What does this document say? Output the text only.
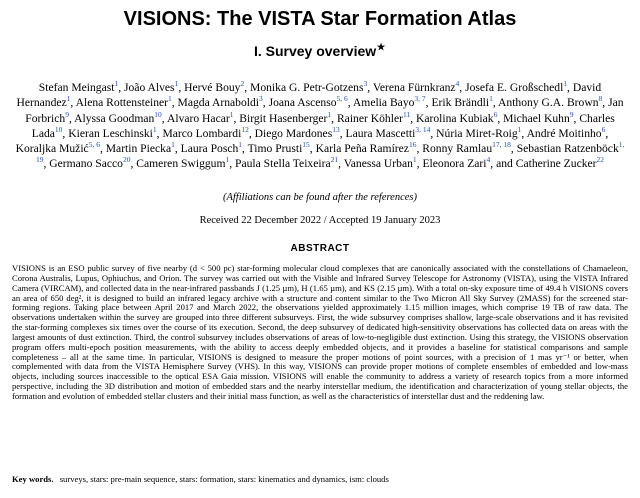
VISIONS: The VISTA Star Formation Atlas
I. Survey overview★
Stefan Meingast$^1$, João Alves$^1$, Hervé Bouy$^2$, Monika G. Petr-Gotzens$^3$, Verena Fürnkranz$^4$, Josefa E. Großschedl$^1$, David Hernandez$^1$, Alena Rottensteiner$^1$, Magda Arnaboldi$^3$, Joana Ascenso$^{5, 6}$, Amelia Bayo$^{3, 7}$, Erik Brändli$^1$, Anthony G.A. Brown$^8$, Jan Forbrich$^9$, Alyssa Goodman$^{10}$, Alvaro Hacar$^1$, Birgit Hasenberger$^1$, Rainer Köhler$^{11}$, Karolina Kubiak$^6$, Michael Kuhn$^9$, Charles Lada$^{10}$, Kieran Leschinski$^1$, Marco Lombardi$^{12}$, Diego Mardones$^{13}$, Laura Mascetti$^{3, 14}$, Núria Miret-Roig$^1$, André Moitinho$^6$, Koraljka Mužić$^{5, 6}$, Martin Piecka$^1$, Laura Posch$^1$, Timo Prusti$^{15}$, Karla Peña Ramírez$^{16}$, Ronny Ramlau$^{17, 18}$, Sebastian Ratzenböck$^{1, 19}$, Germano Sacco$^{20}$, Cameren Swiggum$^1$, Paula Stella Teixeira$^{21}$, Vanessa Urban$^1$, Eleonora Zari$^4$, and Catherine Zucker$^{22}$
(Affiliations can be found after the references)
Received 22 December 2022 / Accepted 19 January 2023
ABSTRACT
VISIONS is an ESO public survey of five nearby (d < 500 pc) star-forming molecular cloud complexes that are canonically associated with the constellations of Chamaeleon, Corona Australis, Lupus, Ophiuchus, and Orion. The survey was carried out with the Visible and Infrared Survey Telescope for Astronomy (VISTA), using the VISTA Infrared Camera (VIRCAM), and collected data in the near-infrared passbands J (1.25 µm), H (1.65 µm), and KS (2.15 µm). With a total on-sky exposure time of 49.4 h VISIONS covers an area of 650 deg², it is designed to build an infrared legacy archive with a structure and content similar to the Two Micron All Sky Survey (2MASS) for the screened star-forming regions. Taking place between April 2017 and March 2022, the observations yielded approximately 1.15 million images, which comprise 19 TB of raw data. The observations undertaken within the survey are grouped into three different subsurveys. First, the wide subsurvey comprises shallow, large-scale observations and it has revisited the star-forming complexes six times over the course of its execution. Second, the deep subsurvey of dedicated high-sensitivity observations has collected data on areas with the largest amounts of dust extinction. Third, the control subsurvey includes observations of areas of low-to-negligible dust extinction. Using this strategy, the VISIONS observation program offers multi-epoch position measurements, with the ability to access deeply embedded objects, and it provides a baseline for statistical comparisons and sample completeness – all at the same time. In particular, VISIONS is designed to measure the proper motions of point sources, with a precision of 1 mas yr⁻¹ or better, when complemented with data from the VISTA Hemisphere Survey (VHS). In this way, VISIONS can provide proper motions of complete ensembles of embedded and low-mass objects, including sources inaccessible to the optical ESA Gaia mission. VISIONS will enable the community to address a variety of research topics from a more informed perspective, including the 3D distribution and motion of embedded stars and the nearby interstellar medium, the identification and characterization of young stellar objects, the formation and evolution of embedded stellar clusters and their initial mass function, as well as the characteristics of interstellar dust and the reddening law.
Key words. surveys, stars: pre-main sequence, stars: formation, stars: kinematics and dynamics, ism: clouds
